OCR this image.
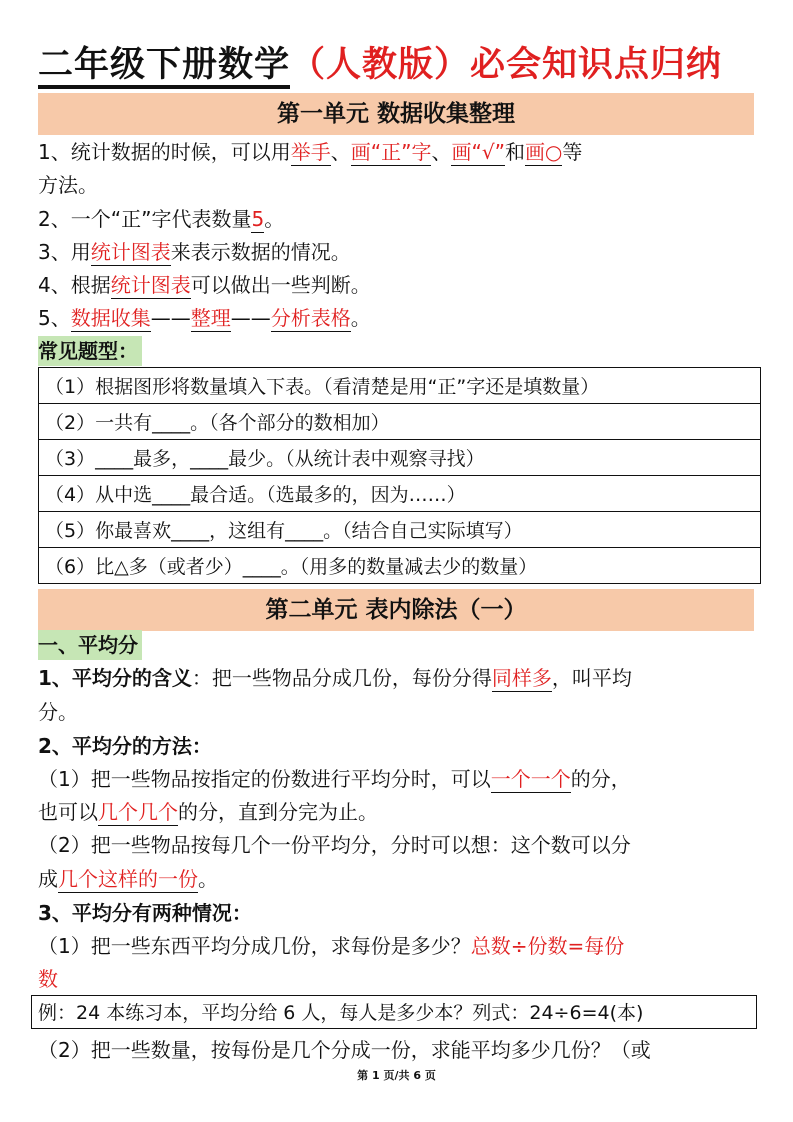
二年级下册数学（人教版）必会知识点归纳
第一单元 数据收集整理
1、统计数据的时候，可以用举手、画“正”字、画“√”和画○等
方法。
2、一个“正”字代表数量5。
3、用统计图表来表示数据的情况。
4、根据统计图表可以做出一些判断。
5、数据收集——整理——分析表格。
常见题型：
（1）根据图形将数量填入下表。（看清楚是用“正”字还是填数量）
（2）一共有____。（各个部分的数相加）
（3）____最多，____最少。（从统计表中观察寻找）
（4）从中选____最合适。（选最多的，因为……）
（5）你最喜欢____，这组有____。（结合自己实际填写）
（6）比△多（或者少）____。（用多的数量减去少的数量）
第二单元 表内除法（一）
一、平均分
1、平均分的含义：把一些物品分成几份，每份分得同样多，叫平均
分。
2、平均分的方法：
（1）把一些物品按指定的份数进行平均分时，可以一个一个的分，
也可以几个几个的分，直到分完为止。
（2）把一些物品按每几个一份平均分，分时可以想：这个数可以分
成几个这样的一份。
3、平均分有两种情况：
（1）把一些东西平均分成几份，求每份是多少？总数÷份数=每份
数
例：24 本练习本，平均分给 6 人，每人是多少本？列式：24÷6=4(本)
（2）把一些数量，按每份是几个分成一份，求能平均多少几份？（或
第 1 页/共 6 页
